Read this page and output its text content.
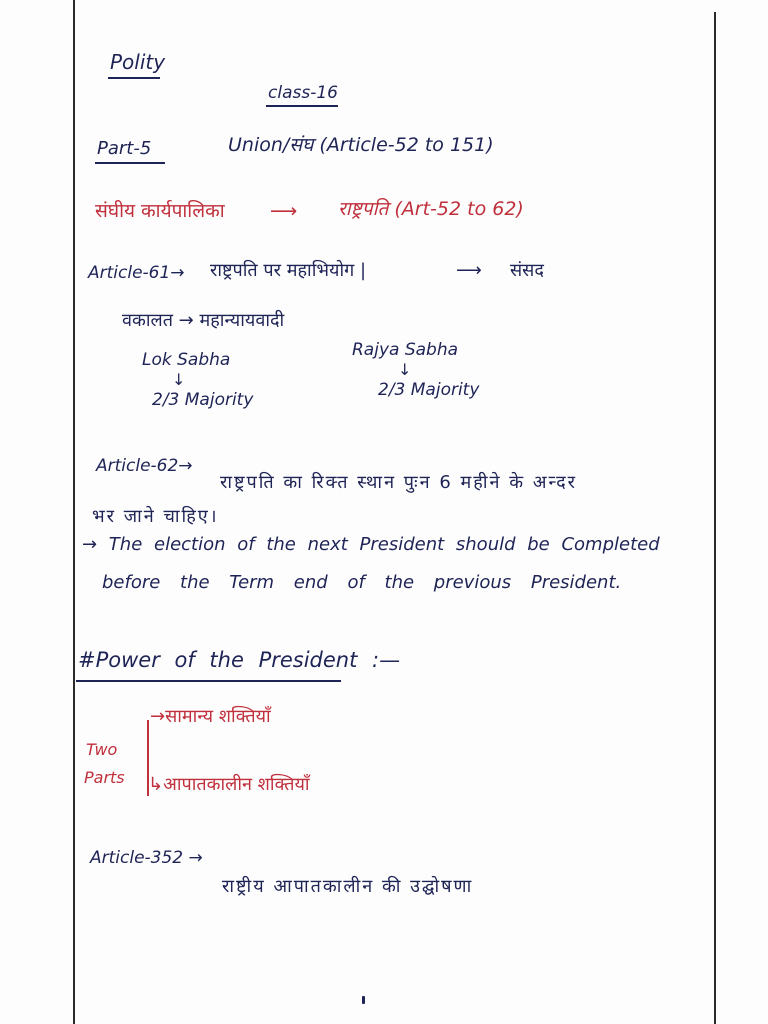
Polity
class-16
Part-5	Union/संघ (Article-52 to 151)
संघीय कार्यपालिका ⟶ राष्ट्रपति (Art-52 to 62)
Article-61→ राष्ट्रपति पर महाभियोग |	⟶ संसद
वकालत → महान्यायवादी
Lok Sabha
↓
2/3 Majority
Rajya Sabha
↓
2/3 Majority
Article-62→
राष्ट्रपति का रिक्त स्थान पुःन 6 महीने के अन्दर
भर जाने चाहिए।
→ The election of the next President should be Completed
before the Term end of the previous President.
#Power of the President :—
Two
Parts
→सामान्य शक्तियाँ
↳आपातकालीन शक्तियाँ
Article-352 →
राष्ट्रीय आपातकालीन की उद्घोषणा
